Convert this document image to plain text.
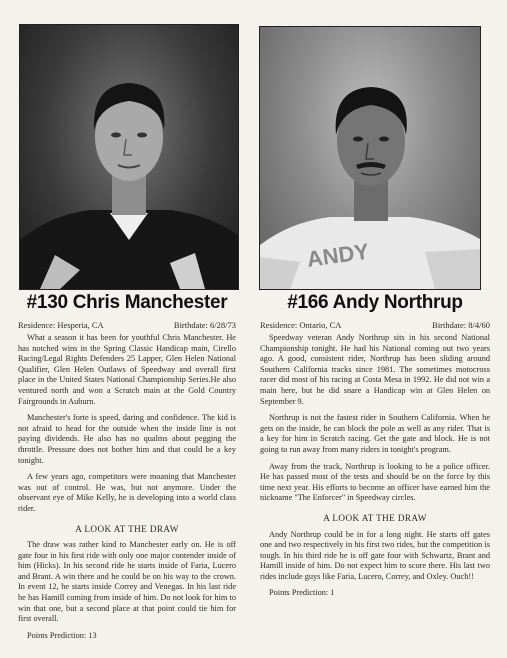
#130 Chris Manchester
Residence: Hesperia, CA	Birthdate: 6/28/73

What a season it has been for youthful Chris Manchester. He has notched wins in the Spring Classic Handicap main, Cirello Racing/Legal Rights Defenders 25 Lapper, Glen Helen National Qualifier, Glen Helen Outlaws of Speedway and overall first place in the United States National Championship Series.He also ventured north and won a Scratch main at the Gold Country Fairgrounds in Auburn.

Manchester's forte is speed, daring and confidence. The kid is not afraid to head for the outside when the inside line is not paying dividends. He also has no qualms about pegging the throttle. Pressure does not bother him and that could be a key tonight.

A few years ago, competitors were moaning that Manchester was out of control. He was, but not anymore. Under the observant eye of Mike Kelly, he is developing into a world class rider.

A LOOK AT THE DRAW

The draw was rather kind to Manchester early on. He is off gate four in his first ride with only one major contender inside of him (Hicks). In his second ride he starts inside of Faria, Lucero and Brant. A win there and he could be on his way to the crown. In event 12, he starts inside Correy and Venegas. In his last ride he has Hamill coming from inside of him. Do not look for him to win that one, but a second place at that point could tie him for first overall.

Points Prediction: 13
ANDY
#166 Andy Northrup
Residence: Ontario, CA	Birthdate: 8/4/60

Speedway veteran Andy Northrup sits in his second National Championship tonight. He had his National coming out two years ago. A good, consistent rider, Northrup has been sliding around Southern California tracks since 1981. The sometimes motocross racer did most of his racing at Costa Mesa in 1992. He did not win a main here, but he did snare a Handicap win at Glen Helen on September 9.

Northrup is not the fastest rider in Southern California. When he gets on the inside, he can block the pole as well as any rider. That is a key for him in Scratch racing. Get the gate and block. He is not going to run away from many riders in tonight's program.

Away from the track, Northrup is looking to be a police officer. He has passed most of the tests and should be on the force by this time next year. His efforts to become an officer have earned him the nickname "The Enforcer" in Speedway circles.

A LOOK AT THE DRAW

Andy Northrup could be in for a long night. He starts off gates one and two respectively in his first two rides, but the competition is tough. In his third ride he is off gate four with Schwartz, Brant and Hamill inside of him. Do not expect him to score there. His last two rides include guys like Faria, Lucero, Correy, and Oxley. Ouch!!

Points Prediction: 1
